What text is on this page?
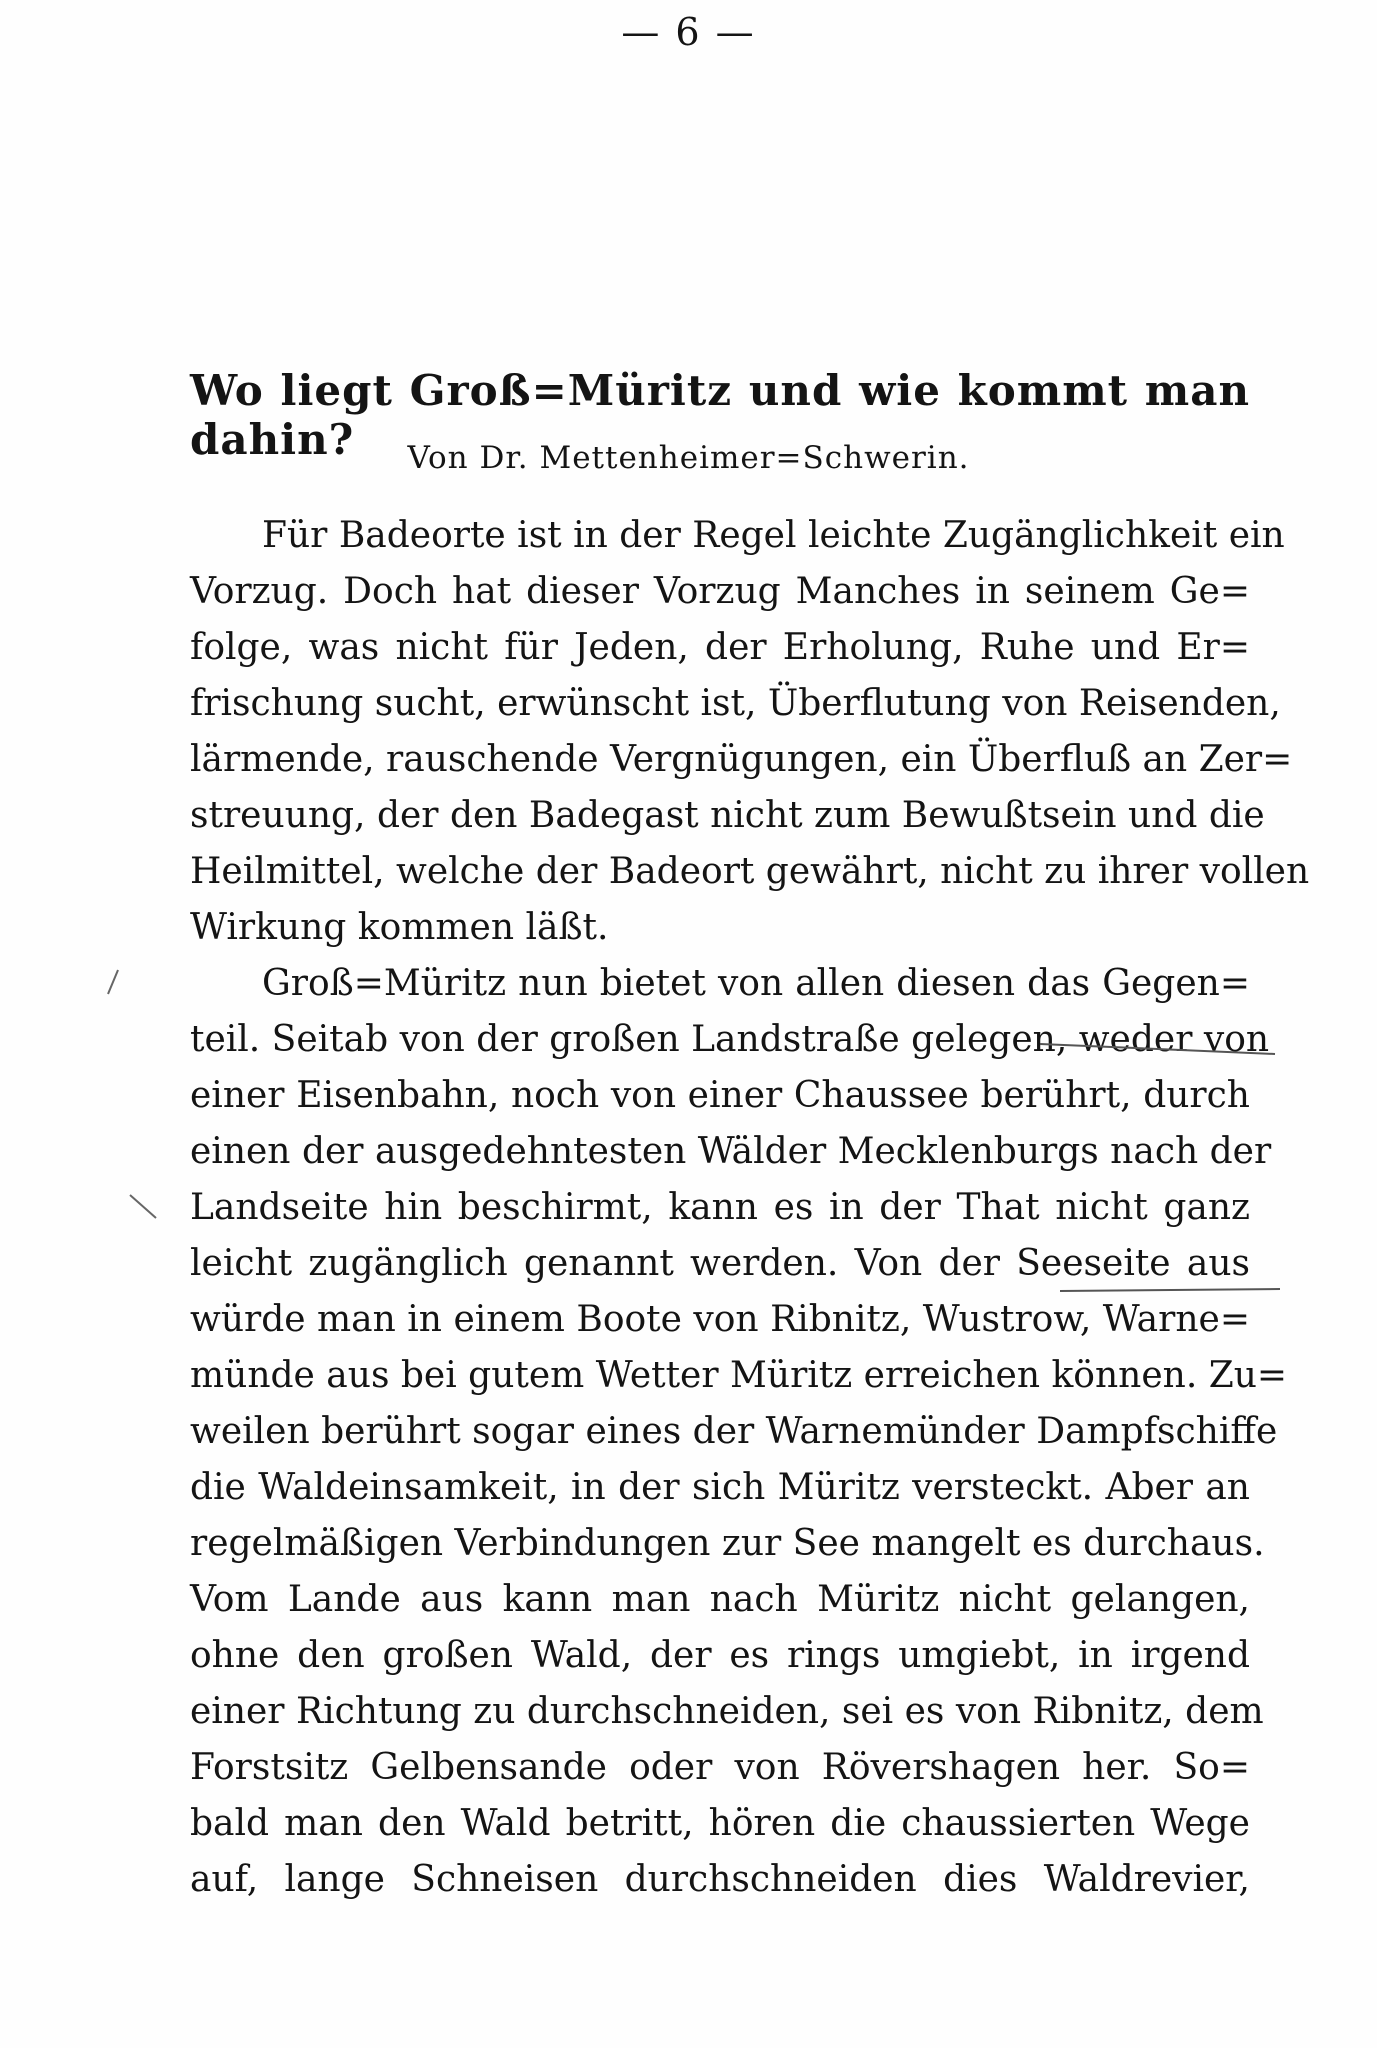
— 6 —
Wo liegt Groß=Müritz und wie kommt man dahin?	Von Dr. Mettenheimer=Schwerin.
Für Badeorte ist in der Regel leichte Zugänglichkeit ein
Vorzug. Doch hat dieser Vorzug Manches in seinem Ge=
folge, was nicht für Jeden, der Erholung, Ruhe und Er=
frischung sucht, erwünscht ist, Überflutung von Reisenden,
lärmende, rauschende Vergnügungen, ein Überfluß an Zer=
streuung, der den Badegast nicht zum Bewußtsein und die
Heilmittel, welche der Badeort gewährt, nicht zu ihrer vollen
Wirkung kommen läßt.
Groß=Müritz nun bietet von allen diesen das Gegen=
teil. Seitab von der großen Landstraße gelegen, weder von
einer Eisenbahn, noch von einer Chaussee berührt, durch
einen der ausgedehntesten Wälder Mecklenburgs nach der
Landseite hin beschirmt, kann es in der That nicht ganz
leicht zugänglich genannt werden. Von der Seeseite aus
würde man in einem Boote von Ribnitz, Wustrow, Warne=
münde aus bei gutem Wetter Müritz erreichen können. Zu=
weilen berührt sogar eines der Warnemünder Dampfschiffe
die Waldeinsamkeit, in der sich Müritz versteckt. Aber an
regelmäßigen Verbindungen zur See mangelt es durchaus.
Vom Lande aus kann man nach Müritz nicht gelangen,
ohne den großen Wald, der es rings umgiebt, in irgend
einer Richtung zu durchschneiden, sei es von Ribnitz, dem
Forstsitz Gelbensande oder von Rövershagen her. So=
bald man den Wald betritt, hören die chaussierten Wege
auf, lange Schneisen durchschneiden dies Waldrevier,
